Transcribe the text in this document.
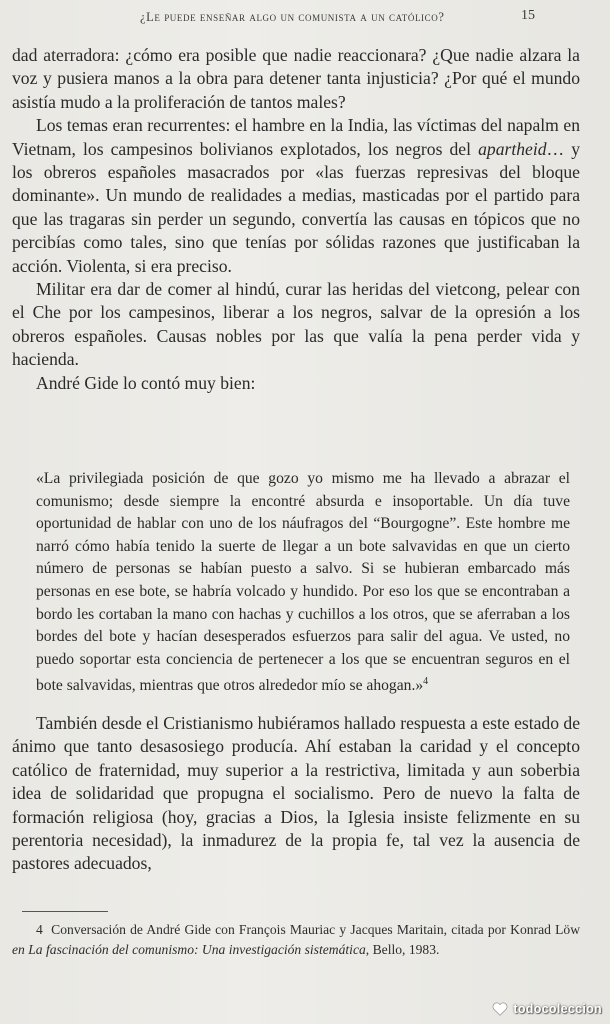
¿Le puede enseñar algo un comunista a un católico?	15

dad aterradora: ¿cómo era posible que nadie reaccionara? ¿Que nadie alzara la voz y pusiera manos a la obra para detener tanta injusticia? ¿Por qué el mundo asistía mudo a la proliferación de tantos males?

Los temas eran recurrentes: el hambre en la India, las víctimas del napalm en Vietnam, los campesinos bolivianos explotados, los negros del apartheid… y los obreros españoles masacrados por «las fuerzas represivas del bloque dominante». Un mundo de realidades a medias, masticadas por el partido para que las tragaras sin perder un segundo, convertía las causas en tópicos que no percibías como tales, sino que tenías por sólidas razones que justificaban la acción. Violenta, si era preciso.

Militar era dar de comer al hindú, curar las heridas del vietcong, pelear con el Che por los campesinos, liberar a los negros, salvar de la opresión a los obreros españoles. Causas nobles por las que valía la pena perder vida y hacienda.

André Gide lo contó muy bien:

«La privilegiada posición de que gozo yo mismo me ha llevado a abrazar el comunismo; desde siempre la encontré absurda e insoportable. Un día tuve oportunidad de hablar con uno de los náufragos del “Bourgogne”. Este hombre me narró cómo había tenido la suerte de llegar a un bote salvavidas en que un cierto número de personas se habían puesto a salvo. Si se hubieran embarcado más personas en ese bote, se habría volcado y hundido. Por eso los que se encontraban a bordo les cortaban la mano con hachas y cuchillos a los otros, que se aferraban a los bordes del bote y hacían desesperados esfuerzos para salir del agua. Ve usted, no puedo soportar esta conciencia de pertenecer a los que se encuentran seguros en el bote salvavidas, mientras que otros alrededor mío se ahogan.»$^4$

También desde el Cristianismo hubiéramos hallado respuesta a este estado de ánimo que tanto desasosiego producía. Ahí estaban la caridad y el concepto católico de fraternidad, muy superior a la restrictiva, limitada y aun soberbia idea de solidaridad que propugna el socialismo. Pero de nuevo la falta de formación religiosa (hoy, gracias a Dios, la Iglesia insiste felizmente en su perentoria necesidad), la inmadurez de la propia fe, tal vez la ausencia de pastores adecuados,

4 Conversación de André Gide con François Mauriac y Jacques Maritain, citada por Konrad Löw en La fascinación del comunismo: Una investigación sistemática, Bello, 1983.

todocoleccion
